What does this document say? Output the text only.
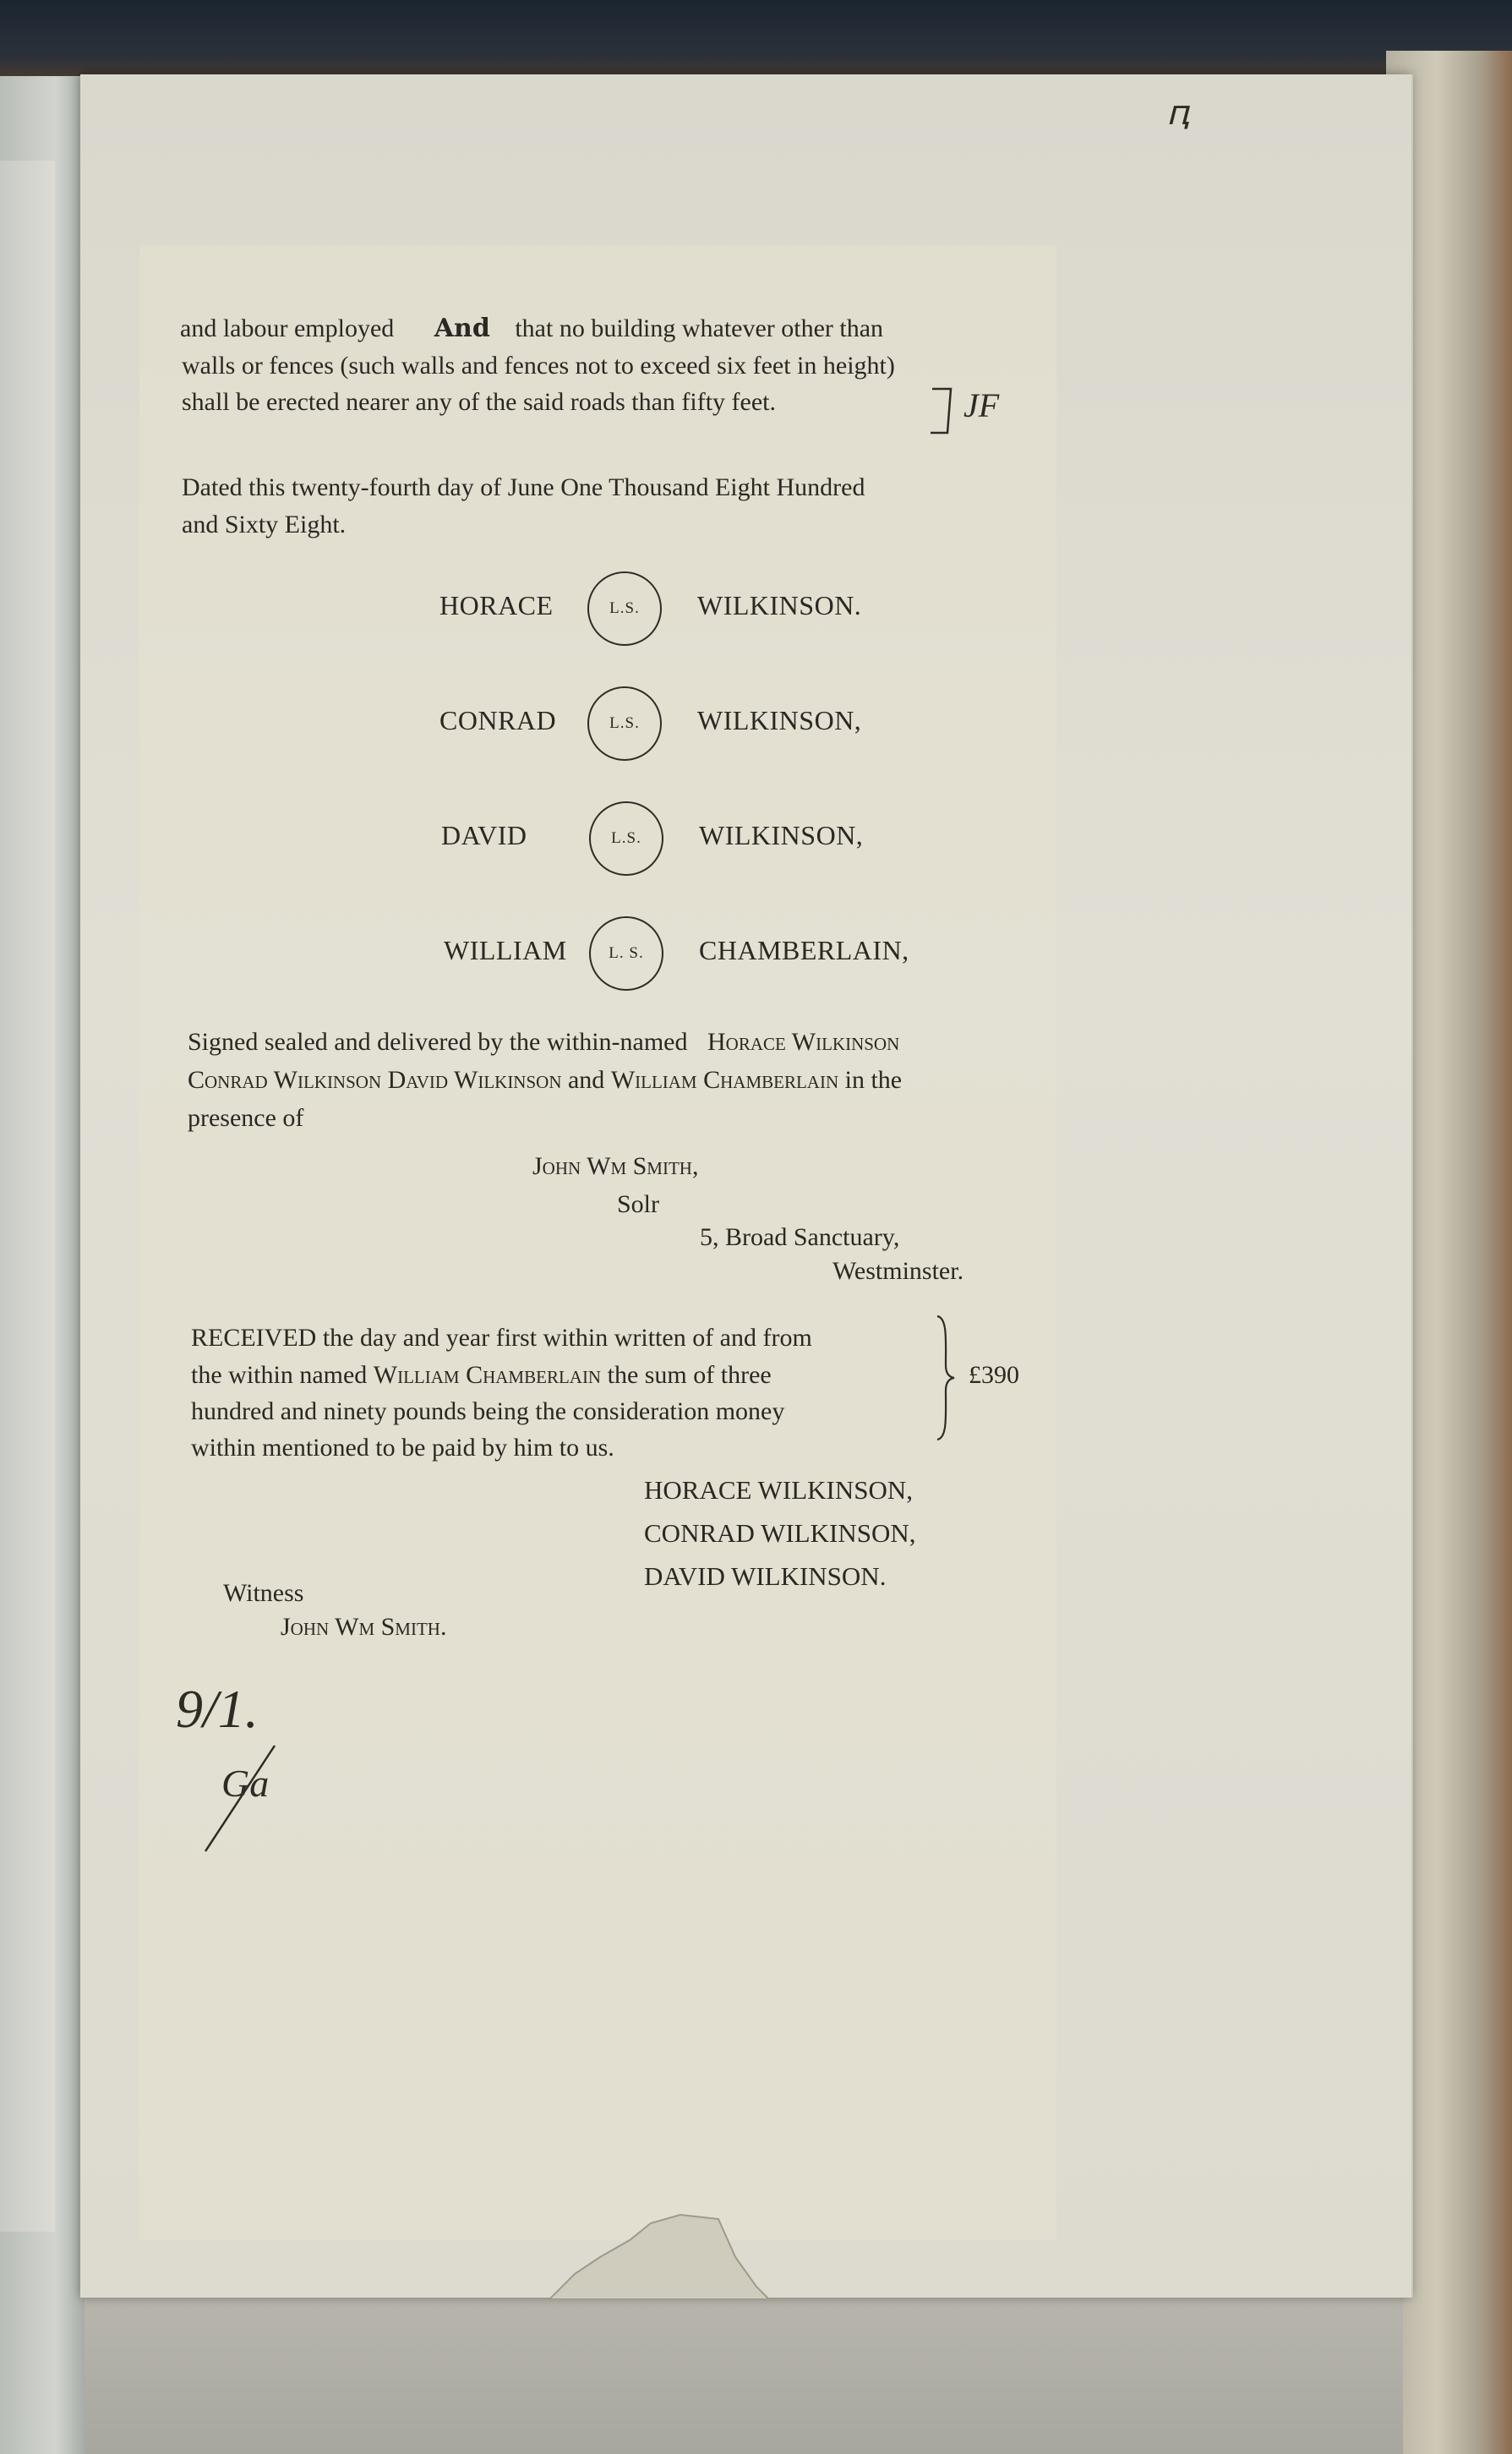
ԥ
and labour employed And that no building whatever other than
walls or fences (such walls and fences not to exceed six feet in height)
shall be erected nearer any of the said roads than fifty feet.	JF
Dated this twenty-fourth day of June One Thousand Eight Hundred
and Sixty Eight.
HORACE	L.S.	WILKINSON.
CONRAD	L.S.	WILKINSON,
DAVID	L.S.	WILKINSON,
WILLIAM	L. S.	CHAMBERLAIN,
Signed sealed and delivered by the within-named Horace Wilkinson
Conrad Wilkinson David Wilkinson and William Chamberlain in the
presence of
John Wm Smith,
Solr
5, Broad Sanctuary,
Westminster.
RECEIVED the day and year first within written of and from
the within named William Chamberlain the sum of three
hundred and ninety pounds being the consideration money
within mentioned to be paid by him to us.
£390
HORACE WILKINSON,
CONRAD WILKINSON,
DAVID WILKINSON.
Witness
John Wm Smith.
9/1.
Ga
